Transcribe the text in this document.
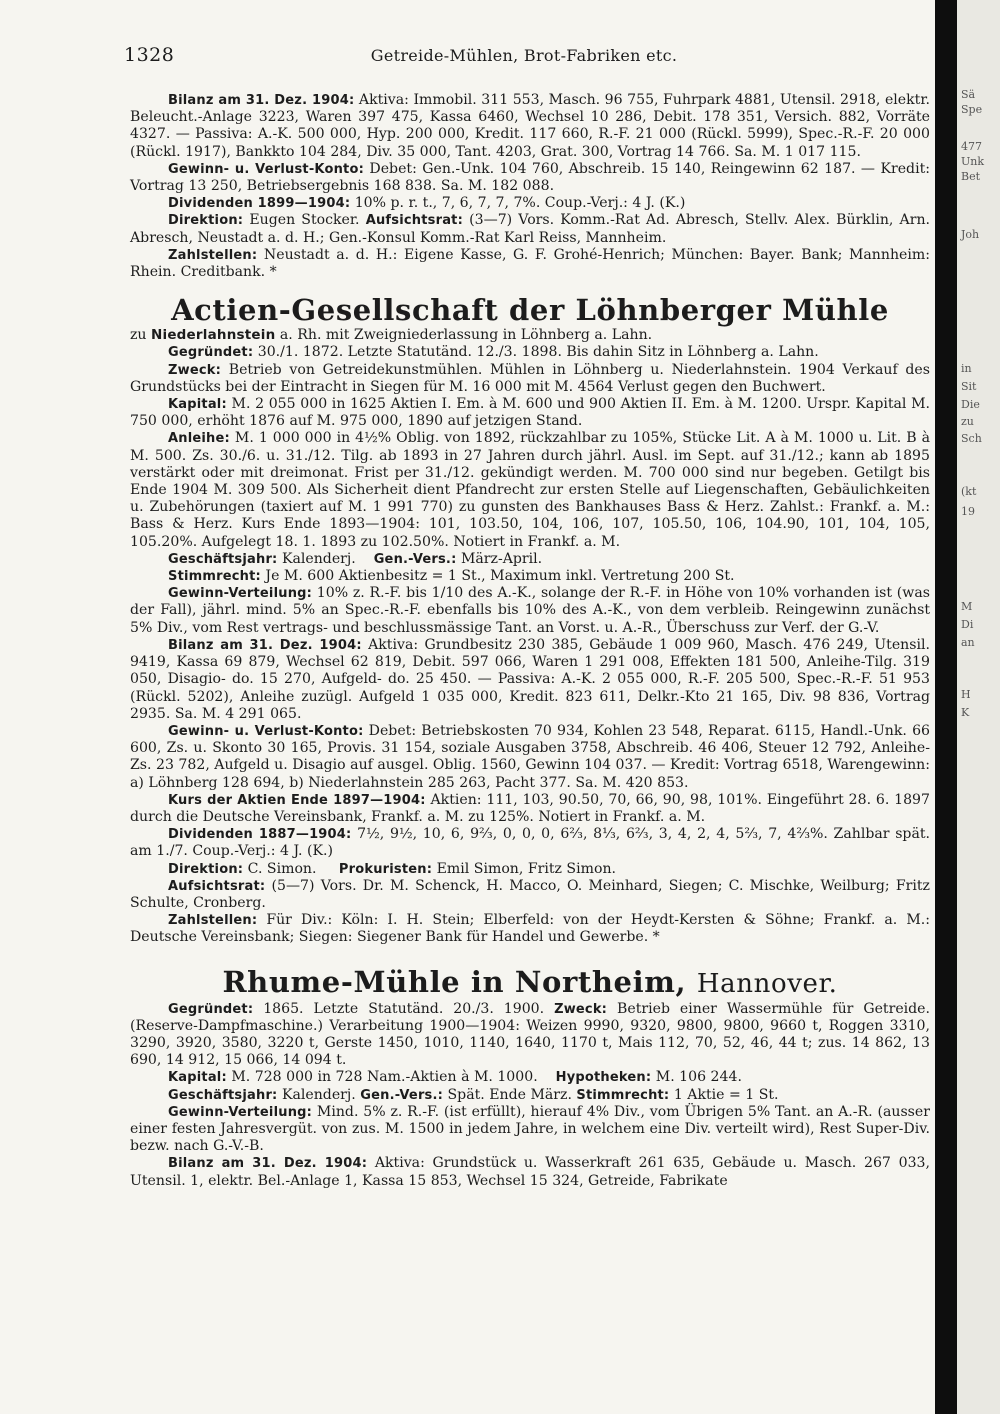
1328	Getreide-Mühlen, Brot-Fabriken etc.

Bilanz am 31. Dez. 1904: Aktiva: Immobil. 311 553, Masch. 96 755, Fuhrpark 4881, Utensil. 2918, elektr. Beleucht.-Anlage 3223, Waren 397 475, Kassa 6460, Wechsel 10 286, Debit. 178 351, Versich. 882, Vorräte 4327. — Passiva: A.-K. 500 000, Hyp. 200 000, Kredit. 117 660, R.-F. 21 000 (Rückl. 5999), Spec.-R.-F. 20 000 (Rückl. 1917), Bankkto 104 284, Div. 35 000, Tant. 4203, Grat. 300, Vortrag 14 766. Sa. M. 1 017 115.

Gewinn- u. Verlust-Konto: Debet: Gen.-Unk. 104 760, Abschreib. 15 140, Reingewinn 62 187. — Kredit: Vortrag 13 250, Betriebsergebnis 168 838. Sa. M. 182 088.

Dividenden 1899—1904: 10% p. r. t., 7, 6, 7, 7, 7%. Coup.-Verj.: 4 J. (K.)

Direktion: Eugen Stocker. Aufsichtsrat: (3—7) Vors. Komm.-Rat Ad. Abresch, Stellv. Alex. Bürklin, Arn. Abresch, Neustadt a. d. H.; Gen.-Konsul Komm.-Rat Karl Reiss, Mannheim.

Zahlstellen: Neustadt a. d. H.: Eigene Kasse, G. F. Grohé-Henrich; München: Bayer. Bank; Mannheim: Rhein. Creditbank. *

Actien-Gesellschaft der Löhnberger Mühle

zu Niederlahnstein a. Rh. mit Zweigniederlassung in Löhnberg a. Lahn.

Gegründet: 30./1. 1872. Letzte Statutänd. 12./3. 1898. Bis dahin Sitz in Löhnberg a. Lahn.

Zweck: Betrieb von Getreidekunstmühlen. Mühlen in Löhnberg u. Niederlahnstein. 1904 Verkauf des Grundstücks bei der Eintracht in Siegen für M. 16 000 mit M. 4564 Verlust gegen den Buchwert.

Kapital: M. 2 055 000 in 1625 Aktien I. Em. à M. 600 und 900 Aktien II. Em. à M. 1200. Urspr. Kapital M. 750 000, erhöht 1876 auf M. 975 000, 1890 auf jetzigen Stand.

Anleihe: M. 1 000 000 in 4½% Oblig. von 1892, rückzahlbar zu 105%, Stücke Lit. A à M. 1000 u. Lit. B à M. 500. Zs. 30./6. u. 31./12. Tilg. ab 1893 in 27 Jahren durch jährl. Ausl. im Sept. auf 31./12.; kann ab 1895 verstärkt oder mit dreimonat. Frist per 31./12. gekündigt werden. M. 700 000 sind nur begeben. Getilgt bis Ende 1904 M. 309 500. Als Sicherheit dient Pfandrecht zur ersten Stelle auf Liegenschaften, Gebäulichkeiten u. Zubehörungen (taxiert auf M. 1 991 770) zu gunsten des Bankhauses Bass & Herz. Zahlst.: Frankf. a. M.: Bass & Herz. Kurs Ende 1893—1904: 101, 103.50, 104, 106, 107, 105.50, 106, 104.90, 101, 104, 105, 105.20%. Aufgelegt 18. 1. 1893 zu 102.50%. Notiert in Frankf. a. M.

Geschäftsjahr: Kalenderj. Gen.-Vers.: März-April.

Stimmrecht: Je M. 600 Aktienbesitz = 1 St., Maximum inkl. Vertretung 200 St.

Gewinn-Verteilung: 10% z. R.-F. bis 1/10 des A.-K., solange der R.-F. in Höhe von 10% vorhanden ist (was der Fall), jährl. mind. 5% an Spec.-R.-F. ebenfalls bis 10% des A.-K., von dem verbleib. Reingewinn zunächst 5% Div., vom Rest vertrags- und beschlussmässige Tant. an Vorst. u. A.-R., Überschuss zur Verf. der G.-V.

Bilanz am 31. Dez. 1904: Aktiva: Grundbesitz 230 385, Gebäude 1 009 960, Masch. 476 249, Utensil. 9419, Kassa 69 879, Wechsel 62 819, Debit. 597 066, Waren 1 291 008, Effekten 181 500, Anleihe-Tilg. 319 050, Disagio- do. 15 270, Aufgeld- do. 25 450. — Passiva: A.-K. 2 055 000, R.-F. 205 500, Spec.-R.-F. 51 953 (Rückl. 5202), Anleihe zuzügl. Aufgeld 1 035 000, Kredit. 823 611, Delkr.-Kto 21 165, Div. 98 836, Vortrag 2935. Sa. M. 4 291 065.

Gewinn- u. Verlust-Konto: Debet: Betriebskosten 70 934, Kohlen 23 548, Reparat. 6115, Handl.-Unk. 66 600, Zs. u. Skonto 30 165, Provis. 31 154, soziale Ausgaben 3758, Abschreib. 46 406, Steuer 12 792, Anleihe-Zs. 23 782, Aufgeld u. Disagio auf ausgel. Oblig. 1560, Gewinn 104 037. — Kredit: Vortrag 6518, Warengewinn: a) Löhnberg 128 694, b) Niederlahnstein 285 263, Pacht 377. Sa. M. 420 853.

Kurs der Aktien Ende 1897—1904: Aktien: 111, 103, 90.50, 70, 66, 90, 98, 101%. Eingeführt 28. 6. 1897 durch die Deutsche Vereinsbank, Frankf. a. M. zu 125%. Notiert in Frankf. a. M.

Dividenden 1887—1904: 7½, 9½, 10, 6, 9⅔, 0, 0, 0, 6⅔, 8⅓, 6⅔, 3, 4, 2, 4, 5⅔, 7, 4⅔%. Zahlbar spät. am 1./7. Coup.-Verj.: 4 J. (K.)

Direktion: C. Simon. Prokuristen: Emil Simon, Fritz Simon.

Aufsichtsrat: (5—7) Vors. Dr. M. Schenck, H. Macco, O. Meinhard, Siegen; C. Mischke, Weilburg; Fritz Schulte, Cronberg.

Zahlstellen: Für Div.: Köln: I. H. Stein; Elberfeld: von der Heydt-Kersten & Söhne; Frankf. a. M.: Deutsche Vereinsbank; Siegen: Siegener Bank für Handel und Gewerbe. *

Rhume-Mühle in Northeim, Hannover.

Gegründet: 1865. Letzte Statutänd. 20./3. 1900. Zweck: Betrieb einer Wassermühle für Getreide. (Reserve-Dampfmaschine.) Verarbeitung 1900—1904: Weizen 9990, 9320, 9800, 9800, 9660 t, Roggen 3310, 3290, 3920, 3580, 3220 t, Gerste 1450, 1010, 1140, 1640, 1170 t, Mais 112, 70, 52, 46, 44 t; zus. 14 862, 13 690, 14 912, 15 066, 14 094 t.

Kapital: M. 728 000 in 728 Nam.-Aktien à M. 1000. Hypotheken: M. 106 244.

Geschäftsjahr: Kalenderj. Gen.-Vers.: Spät. Ende März. Stimmrecht: 1 Aktie = 1 St.

Gewinn-Verteilung: Mind. 5% z. R.-F. (ist erfüllt), hierauf 4% Div., vom Übrigen 5% Tant. an A.-R. (ausser einer festen Jahresvergüt. von zus. M. 1500 in jedem Jahre, in welchem eine Div. verteilt wird), Rest Super-Div. bezw. nach G.-V.-B.

Bilanz am 31. Dez. 1904: Aktiva: Grundstück u. Wasserkraft 261 635, Gebäude u. Masch. 267 033, Utensil. 1, elektr. Bel.-Anlage 1, Kassa 15 853, Wechsel 15 324, Getreide, Fabrikate

Sä
Spe
477
Unk
Bet
Joh
in
Sit
Die
zu
Sch
(kt
19
M
Di
an
H
K
